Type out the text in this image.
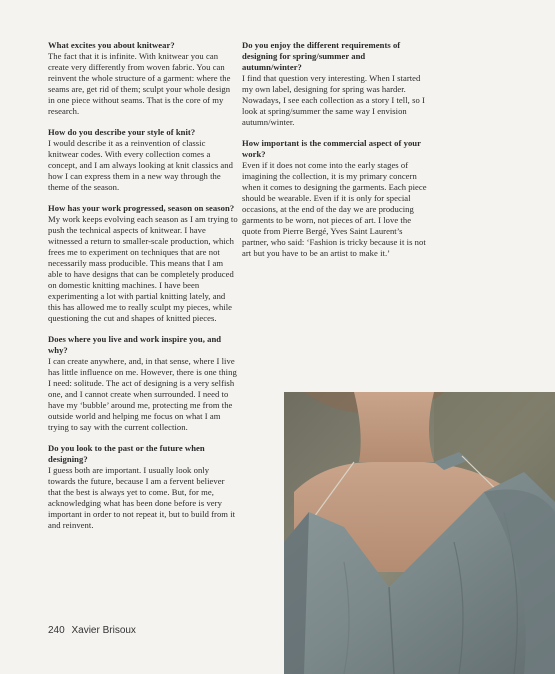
What excites you about knitwear?

The fact that it is infinite. With knitwear you can create very differently from woven fabric. You can reinvent the whole structure of a garment: where the seams are, get rid of them; sculpt your whole design in one piece without seams. That is the core of my research.

How do you describe your style of knit?

I would describe it as a reinvention of classic knitwear codes. With every collection comes a concept, and I am always looking at knit classics and how I can express them in a new way through the theme of the season.

How has your work progressed, season on season?

My work keeps evolving each season as I am trying to push the technical aspects of knitwear. I have witnessed a return to smaller-scale production, which frees me to experiment on techniques that are not necessarily mass producible. This means that I am able to have designs that can be completely produced on domestic knitting machines. I have been experimenting a lot with partial knitting lately, and this has allowed me to really sculpt my pieces, while questioning the cut and shapes of knitted pieces.

Does where you live and work inspire you, and why?

I can create anywhere, and, in that sense, where I live has little influence on me. However, there is one thing I need: solitude. The act of designing is a very selfish one, and I cannot create when surrounded. I need to have my ‘bubble’ around me, protecting me from the outside world and helping me focus on what I am trying to say with the current collection.

Do you look to the past or the future when designing?

I guess both are important. I usually look only towards the future, because I am a fervent believer that the best is always yet to come. But, for me, acknowledging what has been done before is very important in order to not repeat it, but to build from it and reinvent.

Do you enjoy the different requirements of designing for spring/summer and autumn/winter?

I find that question very interesting. When I started my own label, designing for spring was harder. Nowadays, I see each collection as a story I tell, so I look at spring/summer the same way I envision autumn/winter.

How important is the commercial aspect of your work?

Even if it does not come into the early stages of imagining the collection, it is my primary concern when it comes to designing the garments. Each piece should be wearable. Even if it is only for special occasions, at the end of the day we are producing garments to be worn, not pieces of art. I love the quote from Pierre Bergé, Yves Saint Laurent’s partner, who said: ‘Fashion is tricky because it is not art but you have to be an artist to make it.’

240 Xavier Brisoux
